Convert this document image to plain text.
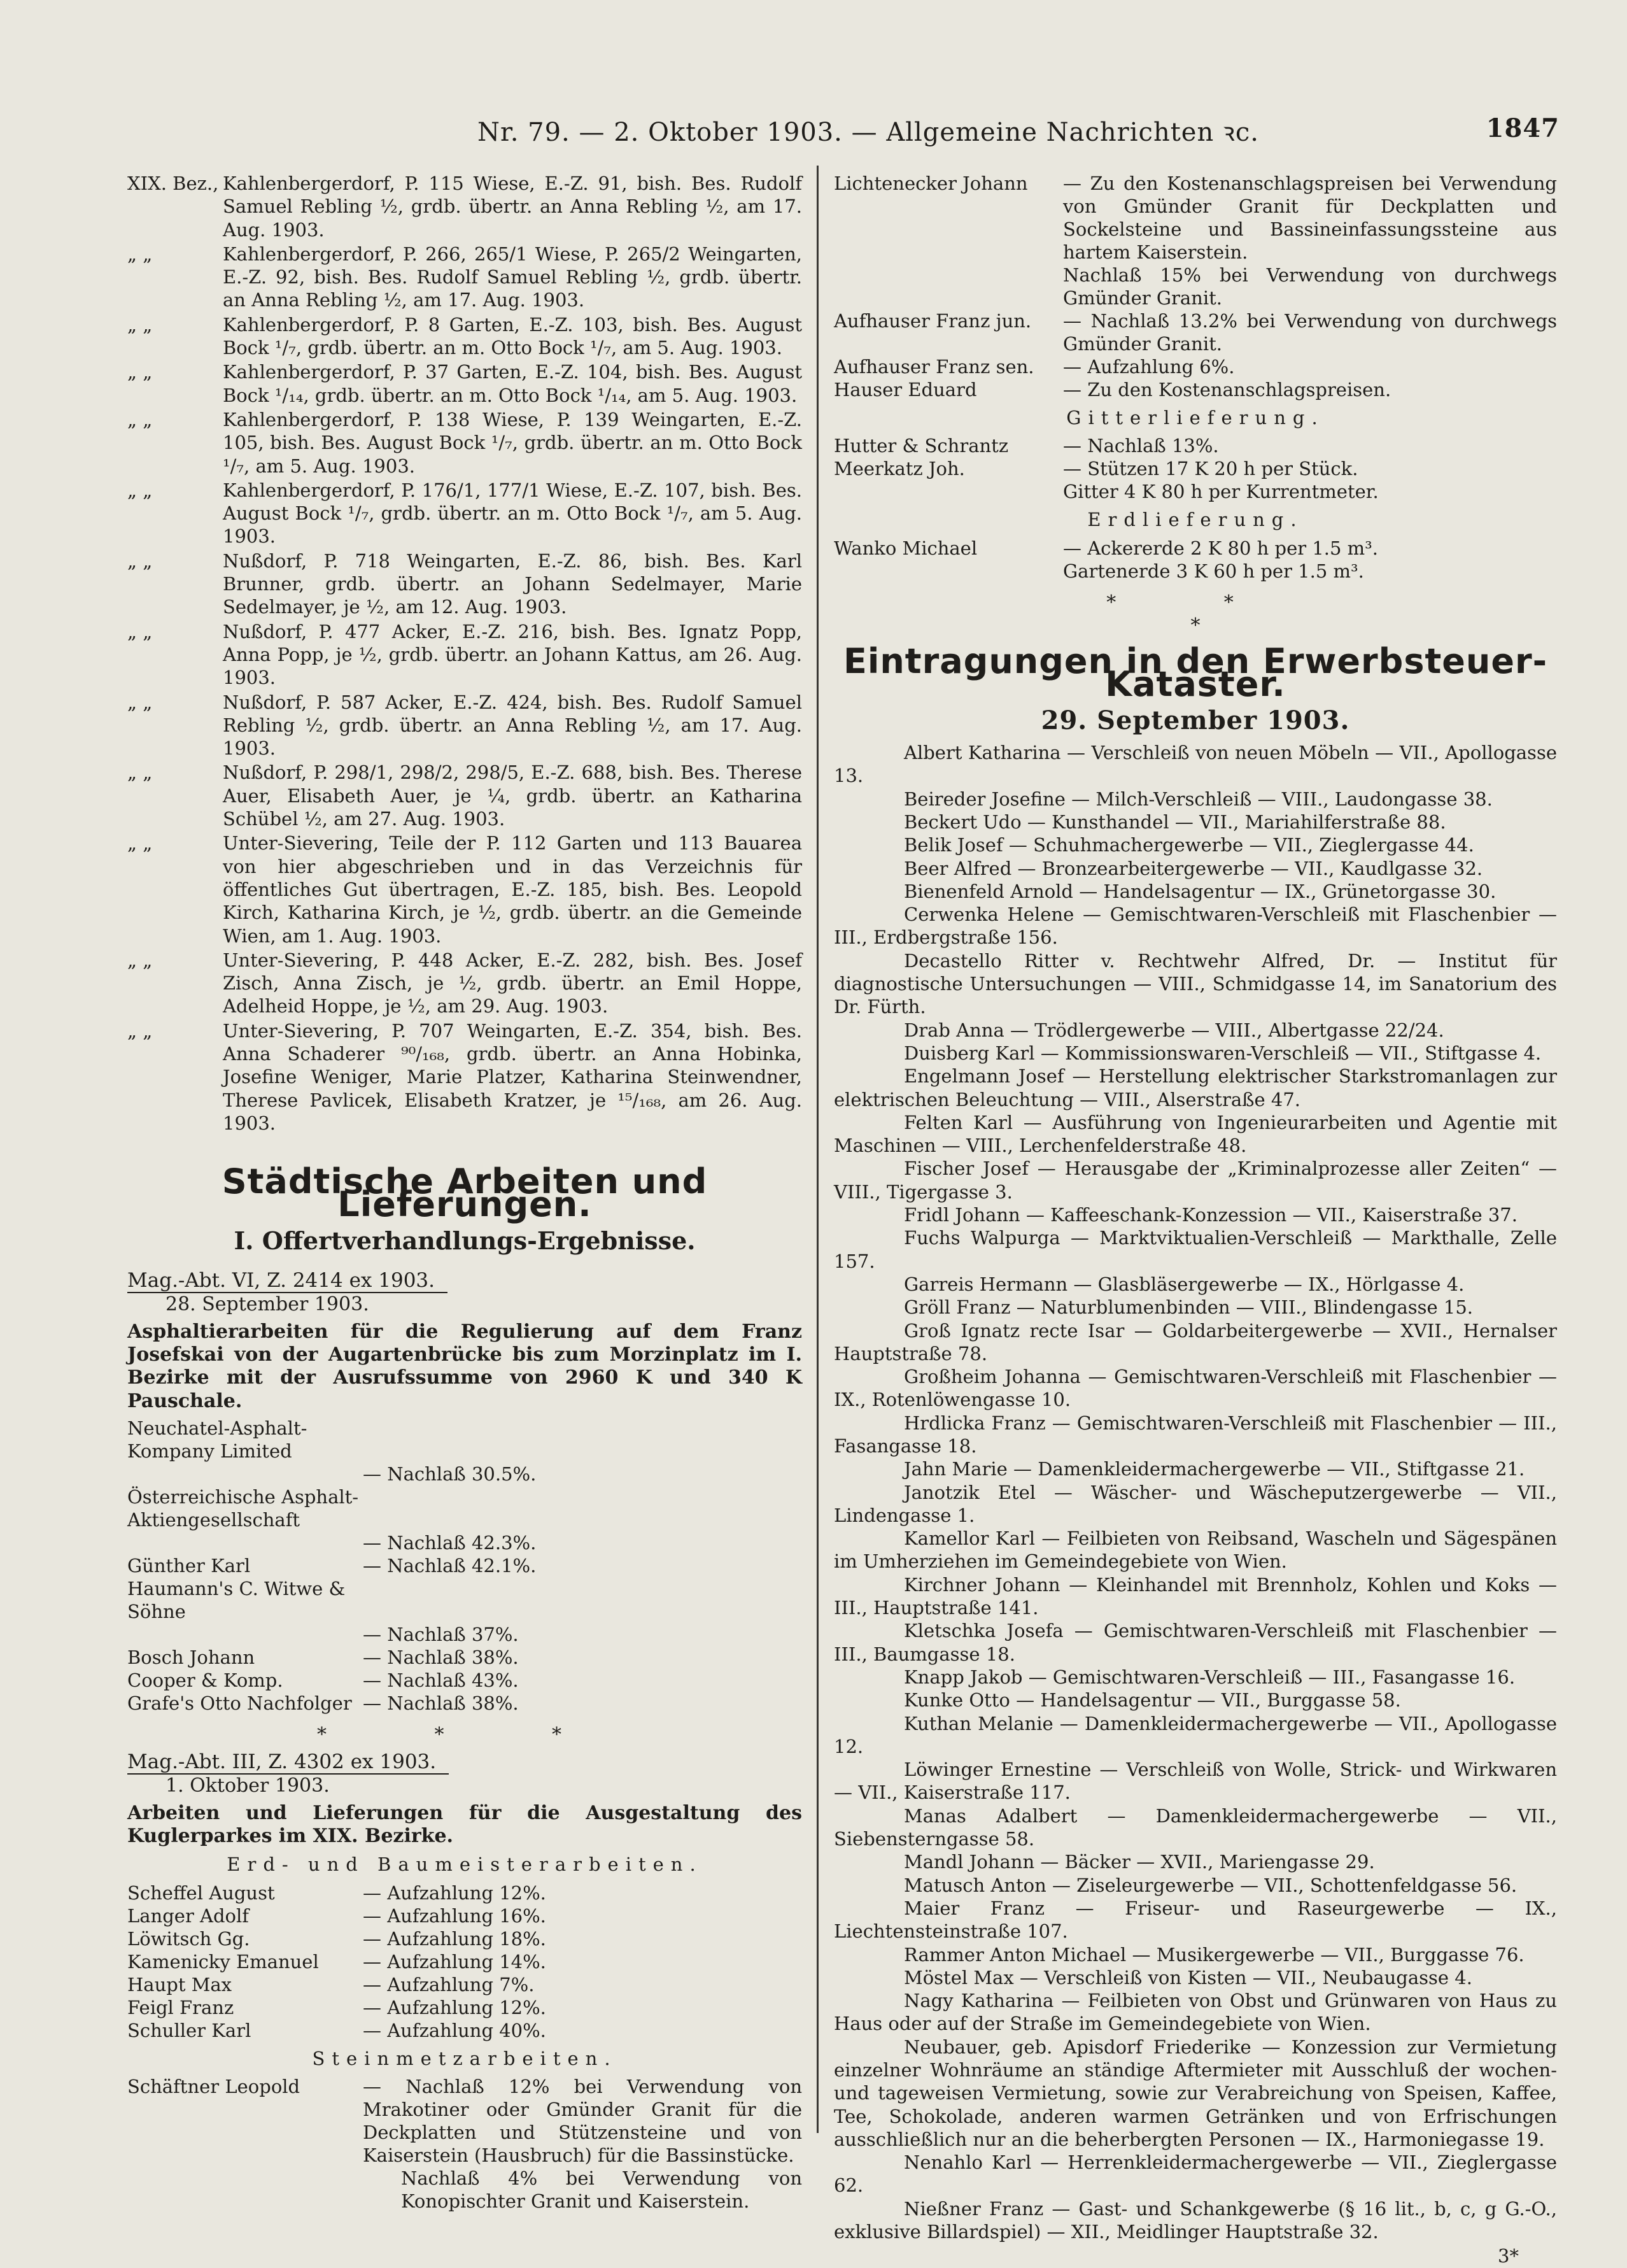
Nr. 79. — 2. Oktober 1903. — Allgemeine Nachrichten ꝛc.	1847
XIX. Bez., Kahlenbergerdorf, P. 115 Wiese, E.-Z. 91, bish. Bes. Rudolf Samuel Rebling ½, grdb. übertr. an Anna Rebling ½, am 17. Aug. 1903.
„ „	Kahlenbergerdorf, P. 266, 265/1 Wiese, P. 265/2 Weingarten, E.-Z. 92, bish. Bes. Rudolf Samuel Rebling ½, grdb. übertr. an Anna Rebling ½, am 17. Aug. 1903.
„ „	Kahlenbergerdorf, P. 8 Garten, E.-Z. 103, bish. Bes. August Bock ¹/₇, grdb. übertr. an m. Otto Bock ¹/₇, am 5. Aug. 1903.
„ „	Kahlenbergerdorf, P. 37 Garten, E.-Z. 104, bish. Bes. August Bock ¹/₁₄, grdb. übertr. an m. Otto Bock ¹/₁₄, am 5. Aug. 1903.
„ „	Kahlenbergerdorf, P. 138 Wiese, P. 139 Weingarten, E.-Z. 105, bish. Bes. August Bock ¹/₇, grdb. übertr. an m. Otto Bock ¹/₇, am 5. Aug. 1903.
„ „	Kahlenbergerdorf, P. 176/1, 177/1 Wiese, E.-Z. 107, bish. Bes. August Bock ¹/₇, grdb. übertr. an m. Otto Bock ¹/₇, am 5. Aug. 1903.
„ „	Nußdorf, P. 718 Weingarten, E.-Z. 86, bish. Bes. Karl Brunner, grdb. übertr. an Johann Sedelmayer, Marie Sedelmayer, je ½, am 12. Aug. 1903.
„ „	Nußdorf, P. 477 Acker, E.-Z. 216, bish. Bes. Ignatz Popp, Anna Popp, je ½, grdb. übertr. an Johann Kattus, am 26. Aug. 1903.
„ „	Nußdorf, P. 587 Acker, E.-Z. 424, bish. Bes. Rudolf Samuel Rebling ½, grdb. übertr. an Anna Rebling ½, am 17. Aug. 1903.
„ „	Nußdorf, P. 298/1, 298/2, 298/5, E.-Z. 688, bish. Bes. Therese Auer, Elisabeth Auer, je ¼, grdb. übertr. an Katharina Schübel ½, am 27. Aug. 1903.
„ „	Unter-Sievering, Teile der P. 112 Garten und 113 Bauarea von hier abgeschrieben und in das Verzeichnis für öffentliches Gut übertragen, E.-Z. 185, bish. Bes. Leopold Kirch, Katharina Kirch, je ½, grdb. übertr. an die Gemeinde Wien, am 1. Aug. 1903.
„ „	Unter-Sievering, P. 448 Acker, E.-Z. 282, bish. Bes. Josef Zisch, Anna Zisch, je ½, grdb. übertr. an Emil Hoppe, Adelheid Hoppe, je ½, am 29. Aug. 1903.
„ „	Unter-Sievering, P. 707 Weingarten, E.-Z. 354, bish. Bes. Anna Schaderer ⁹⁰/₁₆₈, grdb. übertr. an Anna Hobinka, Josefine Weniger, Marie Platzer, Katharina Steinwendner, Therese Pavlicek, Elisabeth Kratzer, je ¹⁵/₁₆₈, am 26. Aug. 1903.
Städtische Arbeiten und Lieferungen.
I. Offertverhandlungs-Ergebnisse.
Mag.-Abt. VI, Z. 2414 ex 1903.
28. September 1903.
Asphaltierarbeiten für die Regulierung auf dem Franz Josefskai von der Augartenbrücke bis zum Morzinplatz im I. Bezirke mit der Ausrufssumme von 2960 K und 340 K Pauschale.
Neuchatel-Asphalt-Kompany Limited
— Nachlaß 30.5%.
Österreichische Asphalt-Aktiengesellschaft
— Nachlaß 42.3%.
Günther Karl	— Nachlaß 42.1%.
Haumann's C. Witwe & Söhne
— Nachlaß 37%.
Bosch Johann	— Nachlaß 38%.
Cooper & Komp.	— Nachlaß 43%.
Grafe's Otto Nachfolger — Nachlaß 38%.
* * *
Mag.-Abt. III, Z. 4302 ex 1903.
1. Oktober 1903.
Arbeiten und Lieferungen für die Ausgestaltung des Kuglerparkes im XIX. Bezirke.
Erd- und Baumeisterarbeiten.
Scheffel August	— Aufzahlung 12%.
Langer Adolf	— Aufzahlung 16%.
Löwitsch Gg.	— Aufzahlung 18%.
Kamenicky Emanuel	— Aufzahlung 14%.
Haupt Max	— Aufzahlung 7%.
Feigl Franz	— Aufzahlung 12%.
Schuller Karl	— Aufzahlung 40%.
Steinmetzarbeiten.
Schäftner Leopold	— Nachlaß 12% bei Verwendung von Mrakotiner oder Gmünder Granit für die Deckplatten und Stützensteine und von Kaiserstein (Hausbruch) für die Bassinstücke.

Nachlaß 4% bei Verwendung von Konopischter Granit und Kaiserstein.

Lichtenecker Johann	— Zu den Kostenanschlagspreisen bei Verwendung von Gmünder Granit für Deckplatten und Sockelsteine und Bassineinfassungssteine aus hartem Kaiserstein.
Nachlaß 15% bei Verwendung von durchwegs Gmünder Granit.
Aufhauser Franz jun.	— Nachlaß 13.2% bei Verwendung von durchwegs Gmünder Granit.
Aufhauser Franz sen.	— Aufzahlung 6%.
Hauser Eduard	— Zu den Kostenanschlagspreisen.
Gitterlieferung.
Hutter & Schrantz	— Nachlaß 13%.
Meerkatz Joh.	— Stützen 17 K 20 h per Stück.
Gitter 4 K 80 h per Kurrentmeter.
Erdlieferung.
Wanko Michael	— Ackererde 2 K 80 h per 1.5 m³.
Gartenerde 3 K 60 h per 1.5 m³.
* *
*
Eintragungen in den Erwerbsteuer-Kataster.
29. September 1903.

Albert Katharina — Verschleiß von neuen Möbeln — VII., Apollogasse 13.

Beireder Josefine — Milch-Verschleiß — VIII., Laudongasse 38.

Beckert Udo — Kunsthandel — VII., Mariahilferstraße 88.

Belik Josef — Schuhmachergewerbe — VII., Zieglergasse 44.

Beer Alfred — Bronzearbeitergewerbe — VII., Kaudlgasse 32.

Bienenfeld Arnold — Handelsagentur — IX., Grünetorgasse 30.

Cerwenka Helene — Gemischtwaren-Verschleiß mit Flaschenbier — III., Erdbergstraße 156.

Decastello Ritter v. Rechtwehr Alfred, Dr. — Institut für diagnostische Untersuchungen — VIII., Schmidgasse 14, im Sanatorium des Dr. Fürth.

Drab Anna — Trödlergewerbe — VIII., Albertgasse 22/24.

Duisberg Karl — Kommissionswaren-Verschleiß — VII., Stiftgasse 4.

Engelmann Josef — Herstellung elektrischer Starkstromanlagen zur elektrischen Beleuchtung — VIII., Alserstraße 47.

Felten Karl — Ausführung von Ingenieurarbeiten und Agentie mit Maschinen — VIII., Lerchenfelderstraße 48.

Fischer Josef — Herausgabe der „Kriminalprozesse aller Zeiten“ — VIII., Tigergasse 3.

Fridl Johann — Kaffeeschank-Konzession — VII., Kaiserstraße 37.

Fuchs Walpurga — Marktviktualien-Verschleiß — Markthalle, Zelle 157.

Garreis Hermann — Glasbläsergewerbe — IX., Hörlgasse 4.

Gröll Franz — Naturblumenbinden — VIII., Blindengasse 15.

Groß Ignatz recte Isar — Goldarbeitergewerbe — XVII., Hernalser Hauptstraße 78.

Großheim Johanna — Gemischtwaren-Verschleiß mit Flaschenbier — IX., Rotenlöwengasse 10.

Hrdlicka Franz — Gemischtwaren-Verschleiß mit Flaschenbier — III., Fasangasse 18.

Jahn Marie — Damenkleidermachergewerbe — VII., Stiftgasse 21.

Janotzik Etel — Wäscher- und Wäscheputzergewerbe — VII., Lindengasse 1.

Kamellor Karl — Feilbieten von Reibsand, Wascheln und Sägespänen im Umherziehen im Gemeindegebiete von Wien.

Kirchner Johann — Kleinhandel mit Brennholz, Kohlen und Koks — III., Hauptstraße 141.

Kletschka Josefa — Gemischtwaren-Verschleiß mit Flaschenbier — III., Baumgasse 18.

Knapp Jakob — Gemischtwaren-Verschleiß — III., Fasangasse 16.

Kunke Otto — Handelsagentur — VII., Burggasse 58.

Kuthan Melanie — Damenkleidermachergewerbe — VII., Apollogasse 12.

Löwinger Ernestine — Verschleiß von Wolle, Strick- und Wirkwaren — VII., Kaiserstraße 117.

Manas Adalbert — Damenkleidermachergewerbe — VII., Siebensterngasse 58.

Mandl Johann — Bäcker — XVII., Mariengasse 29.

Matusch Anton — Ziseleurgewerbe — VII., Schottenfeldgasse 56.

Maier Franz — Friseur- und Raseurgewerbe — IX., Liechtensteinstraße 107.

Rammer Anton Michael — Musikergewerbe — VII., Burggasse 76.

Möstel Max — Verschleiß von Kisten — VII., Neubaugasse 4.

Nagy Katharina — Feilbieten von Obst und Grünwaren von Haus zu Haus oder auf der Straße im Gemeindegebiete von Wien.

Neubauer, geb. Apisdorf Friederike — Konzession zur Vermietung einzelner Wohnräume an ständige Aftermieter mit Ausschluß der wochen- und tageweisen Vermietung, sowie zur Verabreichung von Speisen, Kaffee, Tee, Schokolade, anderen warmen Getränken und von Erfrischungen ausschließlich nur an die beherbergten Personen — IX., Harmoniegasse 19.

Nenahlo Karl — Herrenkleidermachergewerbe — VII., Zieglergasse 62.

Nießner Franz — Gast- und Schankgewerbe (§ 16 lit., b, c, g G.-O., exklusive Billardspiel) — XII., Meidlinger Hauptstraße 32.

3*
